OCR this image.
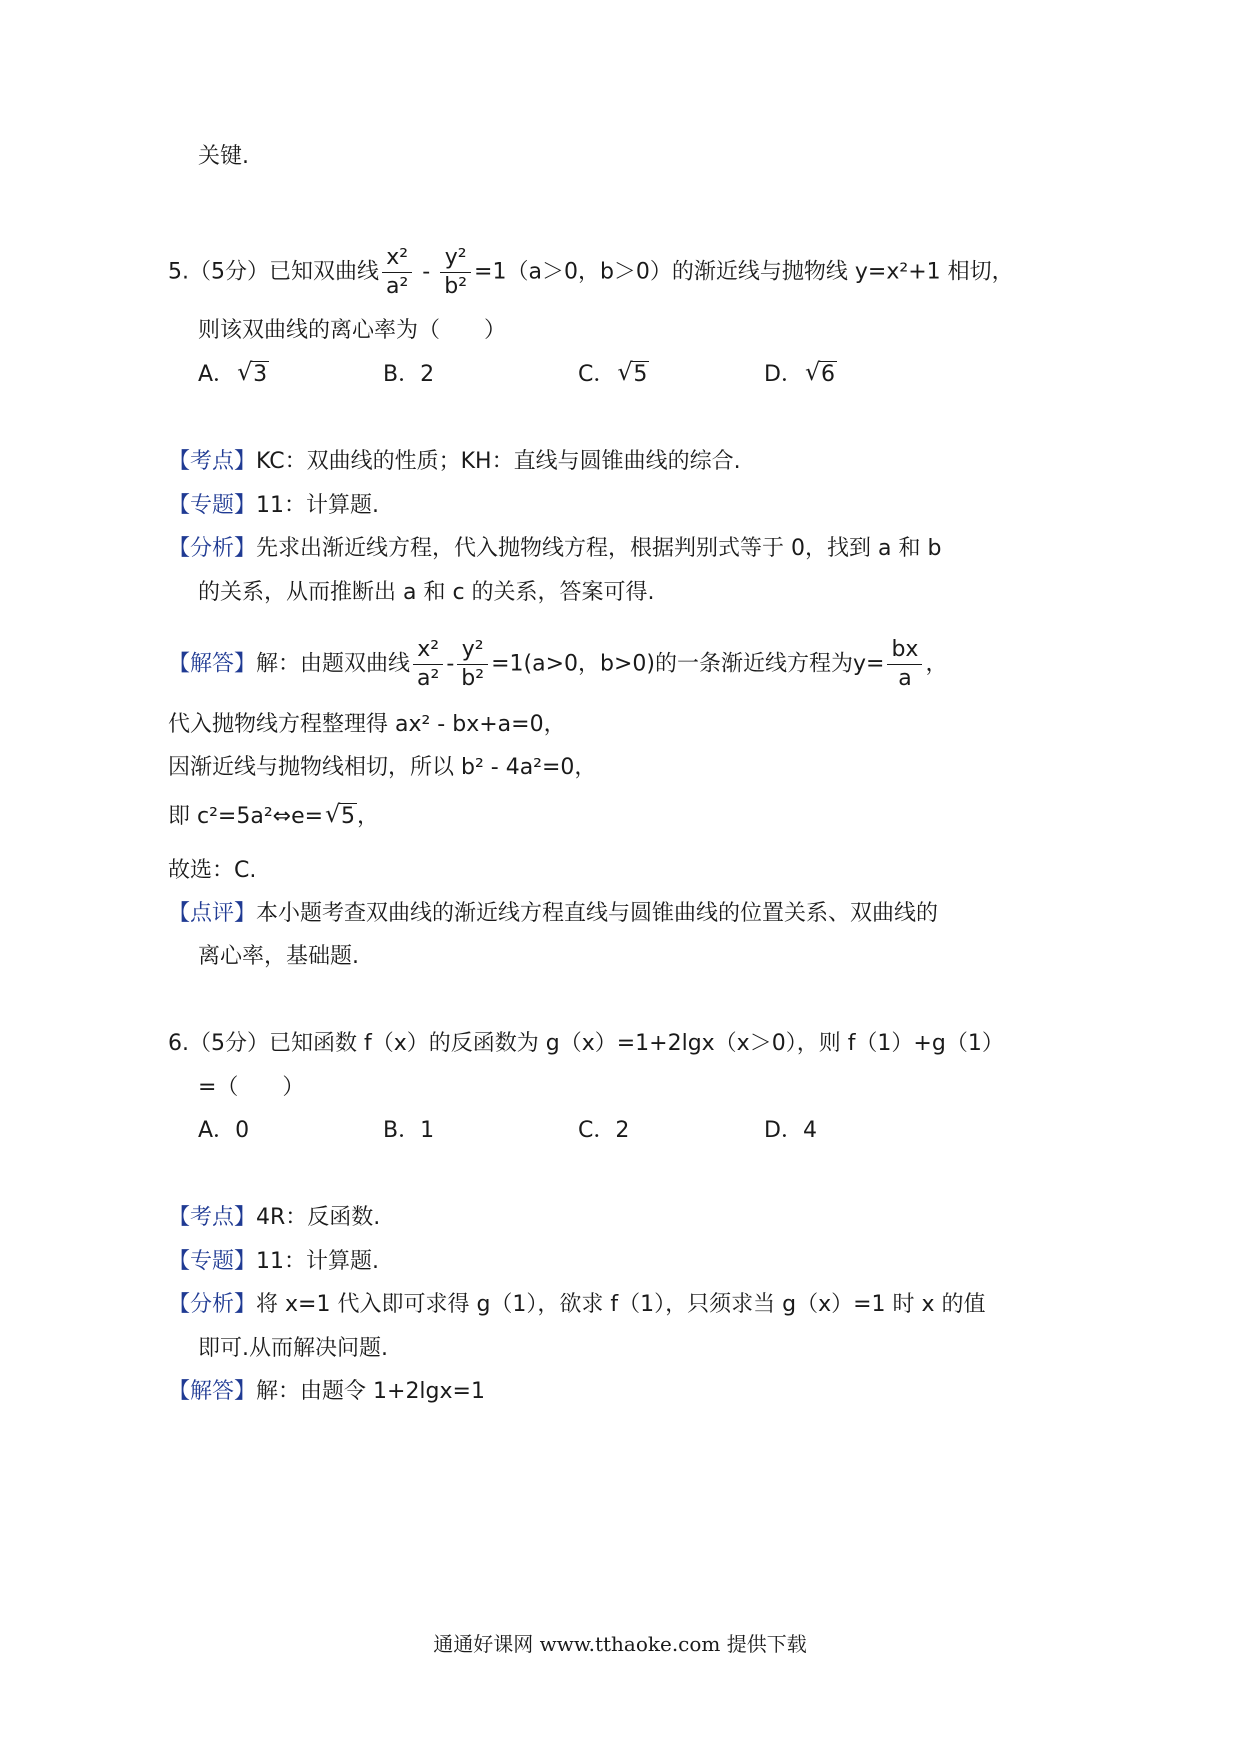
关键.
5.（5分）已知双曲线 $\frac{\text{x²}}{\text{a²}} - \frac{\text{y²}}{\text{b²}} =1(a>0$，b＞0）的渐近线与抛物线 y=x²+1 相切，
则该双曲线的离心率为（　　）
A． √ 3	B．2	C． √ 5	D． √ 6
【考点】KC：双曲线的性质；KH：直线与圆锥曲线的综合.
【专题】11：计算题.
【分析】先求出渐近线方程，代入抛物线方程，根据判别式等于 0，找到 a 和 b
的关系，从而推断出 a 和 c 的关系，答案可得.
【解答】解：由题双曲线 $\frac{\text{x²}}{\text{a²}} - \frac{\text{y²}}{\text{b²}} =1(a>0$，b>0)的一条渐近线方程为$y= \frac{bx}{a}$ ，
代入抛物线方程整理得 ax² - bx+a=0，
因渐近线与抛物线相切，所以 b² - 4a²=0，
即 c²=5a²⇔e= √ 5，
故选：C.
【点评】本小题考查双曲线的渐近线方程直线与圆锥曲线的位置关系、双曲线的
离心率，基础题.
6.（5分）已知函数 f（x）的反函数为 g（x）=1+2lgx（x＞0），则 f（1）+g（1）
=（　　）
A．0	B．1	C．2	D．4
【考点】4R：反函数.
【专题】11：计算题.
【分析】将 x=1 代入即可求得 g（1），欲求 f（1），只须求当 g（x）=1 时 x 的值
即可.从而解决问题.
【解答】解：由题令 1+2lgx=1
通通好课网 www.tthaoke.com 提供下载
